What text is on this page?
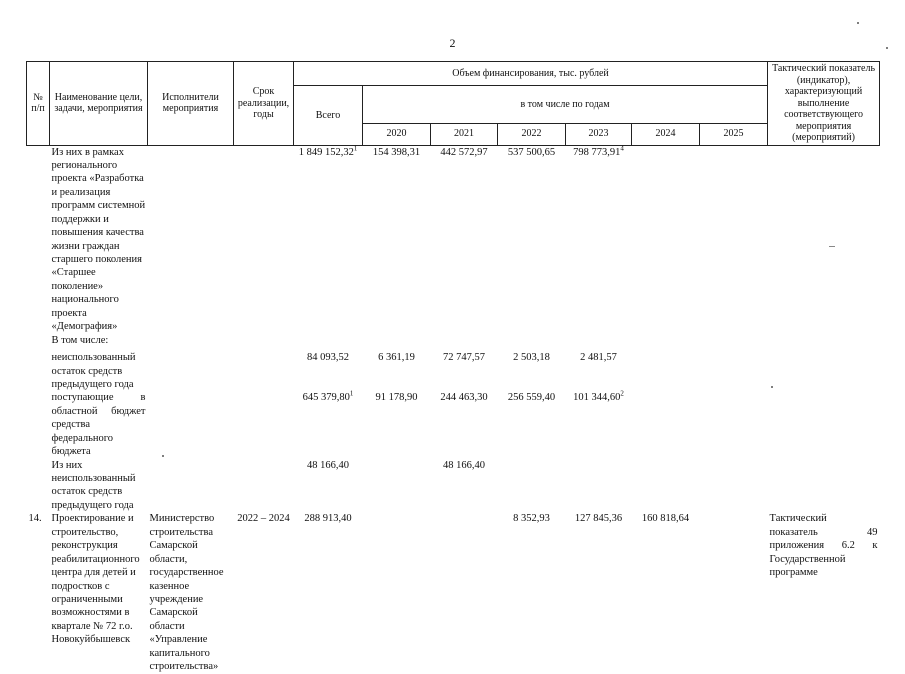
2
№ п/п	Наименование цели, задачи, мероприятия	Исполнители мероприятия	Срок реализации, годы	Объем финансирования, тыс. рублей							Тактический показатель (индикатор), характеризующий выполнение соответствующего мероприятия (мероприятий)
				Всего	в том числе по годам						
					2020	2021	2022	2023	2024	2025	
	Из них в рамках регионального проекта «Разработка и реализация программ системной поддержки и повышения качества жизни граждан старшего поколения «Старшее поколение» национального проекта «Демография»			1 849 152,32$^1$	154 398,31	442 572,97	537 500,65	798 773,91$^4$			
	В том числе:										
	неиспользованный остаток средств предыдущего года			84 093,52	6 361,19	72 747,57	2 503,18	2 481,57			
	поступающие в областной бюджет средства федерального бюджета			645 379,80$^1$	91 178,90	244 463,30	256 559,40	101 344,60$^2$			
	Из них неиспользованный остаток средств предыдущего года			48 166,40		48 166,40					
14.	Проектирование и строительство, реконструкция реабилитационного центра для детей и подростков с ограниченными возможностями в квартале № 72 г.о. Новокуйбышевск	Министерство строительства Самарской области, государственное казенное учреждение Самарской области «Управление капитального строительства»	2022 – 2024	288 913,40			8 352,93	127 845,36	160 818,64		Тактический показатель 49 приложения 6.2 к Государственной программе
